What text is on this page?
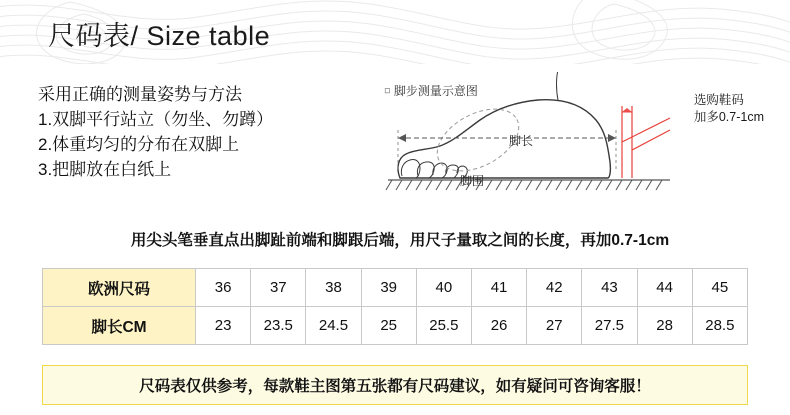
尺码表/ Size table
采用正确的测量姿势与方法
1.双脚平行站立（勿坐、勿蹲）
2.体重均匀的分布在双脚上
3.把脚放在白纸上
◇脚步测量示意图
脚长
脚围
选购鞋码
加多0.7-1cm
用尖头笔垂直点出脚趾前端和脚跟后端，用尺子量取之间的长度，再加0.7-1cm
欧洲尺码	36	37	38	39	40	41	42	43	44	45
脚长CM	23	23.5	24.5	25	25.5	26	27	27.5	28	28.5
尺码表仅供参考，每款鞋主图第五张都有尺码建议，如有疑问可咨询客服！
